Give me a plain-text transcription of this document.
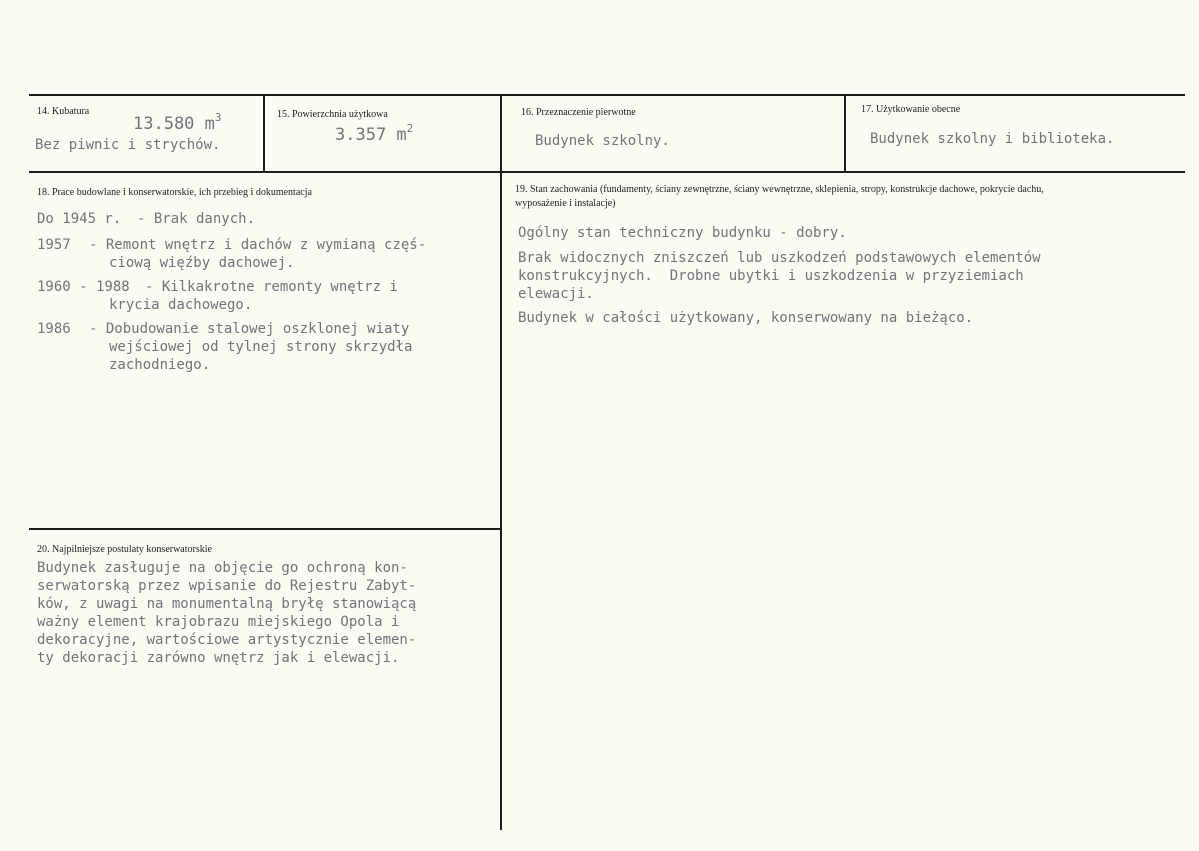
14. Kubatura
13.580 $m^3$
Bez piwnic i strychów.
15. Powierzchnia użytkowa
3.357 $m^2$
16. Przeznaczenie pierwotne
Budynek szkolny.
17. Użytkowanie obecne
Budynek szkolny i biblioteka.
18. Prace budowlane i konserwatorskie, ich przebieg i dokumentacja
Do 1945 r. - Brak danych.
1957 - Remont wnętrz i dachów z wymianą częś-
ciową więźby dachowej.
1960 - 1988 - Kilkakrotne remonty wnętrz i
krycia dachowego.
1986 - Dobudowanie stalowej oszklonej wiaty
wejściowej od tylnej strony skrzydła
zachodniego.
19. Stan zachowania (fundamenty, ściany zewnętrzne, ściany wewnętrzne, sklepienia, stropy, konstrukcje dachowe, pokrycie dachu, wyposażenie i instalacje)
Ogólny stan techniczny budynku - dobry.
Brak widocznych zniszczeń lub uszkodzeń podstawowych elementów
konstrukcyjnych.  Drobne ubytki i uszkodzenia w przyziemiach
elewacji.
Budynek w całości użytkowany, konserwowany na bieżąco.
20. Najpilniejsze postulaty konserwatorskie
Budynek zasługuje na objęcie go ochroną kon-
serwatorską przez wpisanie do Rejestru Zabyt-
ków, z uwagi na monumentalną bryłę stanowiącą
ważny element krajobrazu miejskiego Opola i
dekoracyjne, wartościowe artystycznie elemen-
ty dekoracji zarówno wnętrz jak i elewacji.
